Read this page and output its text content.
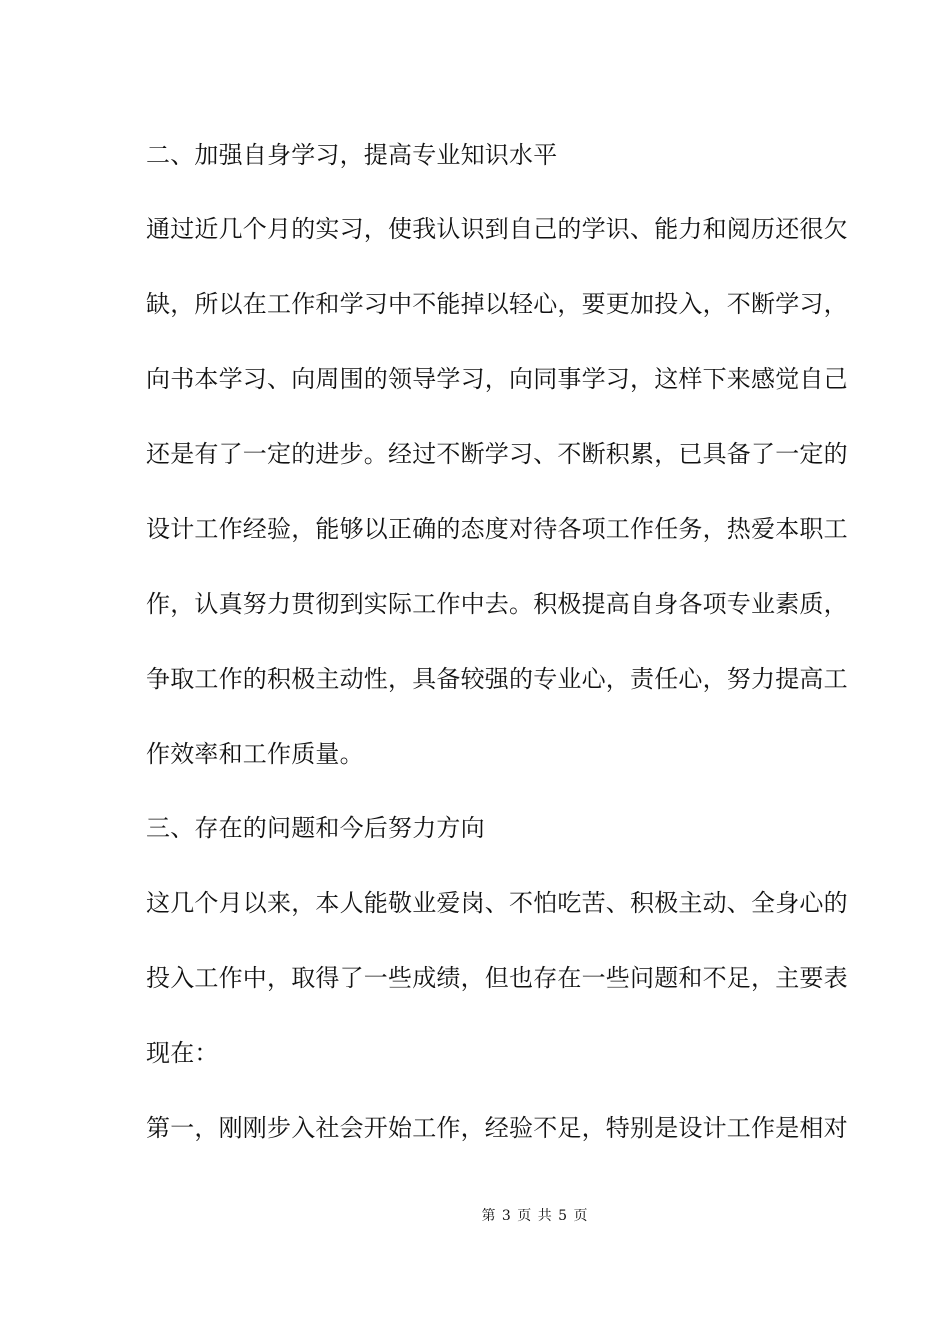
二、加强自身学习，提高专业知识水平
通过近几个月的实习，使我认识到自己的学识、能力和阅历还很欠
缺，所以在工作和学习中不能掉以轻心，要更加投入，不断学习，
向书本学习、向周围的领导学习，向同事学习，这样下来感觉自己
还是有了一定的进步。经过不断学习、不断积累，已具备了一定的
设计工作经验，能够以正确的态度对待各项工作任务，热爱本职工
作，认真努力贯彻到实际工作中去。积极提高自身各项专业素质，
争取工作的积极主动性，具备较强的专业心，责任心，努力提高工
作效率和工作质量。
三、存在的问题和今后努力方向
这几个月以来，本人能敬业爱岗、不怕吃苦、积极主动、全身心的
投入工作中，取得了一些成绩，但也存在一些问题和不足，主要表
现在：
第一，刚刚步入社会开始工作，经验不足，特别是设计工作是相对
第 3 页 共 5 页
